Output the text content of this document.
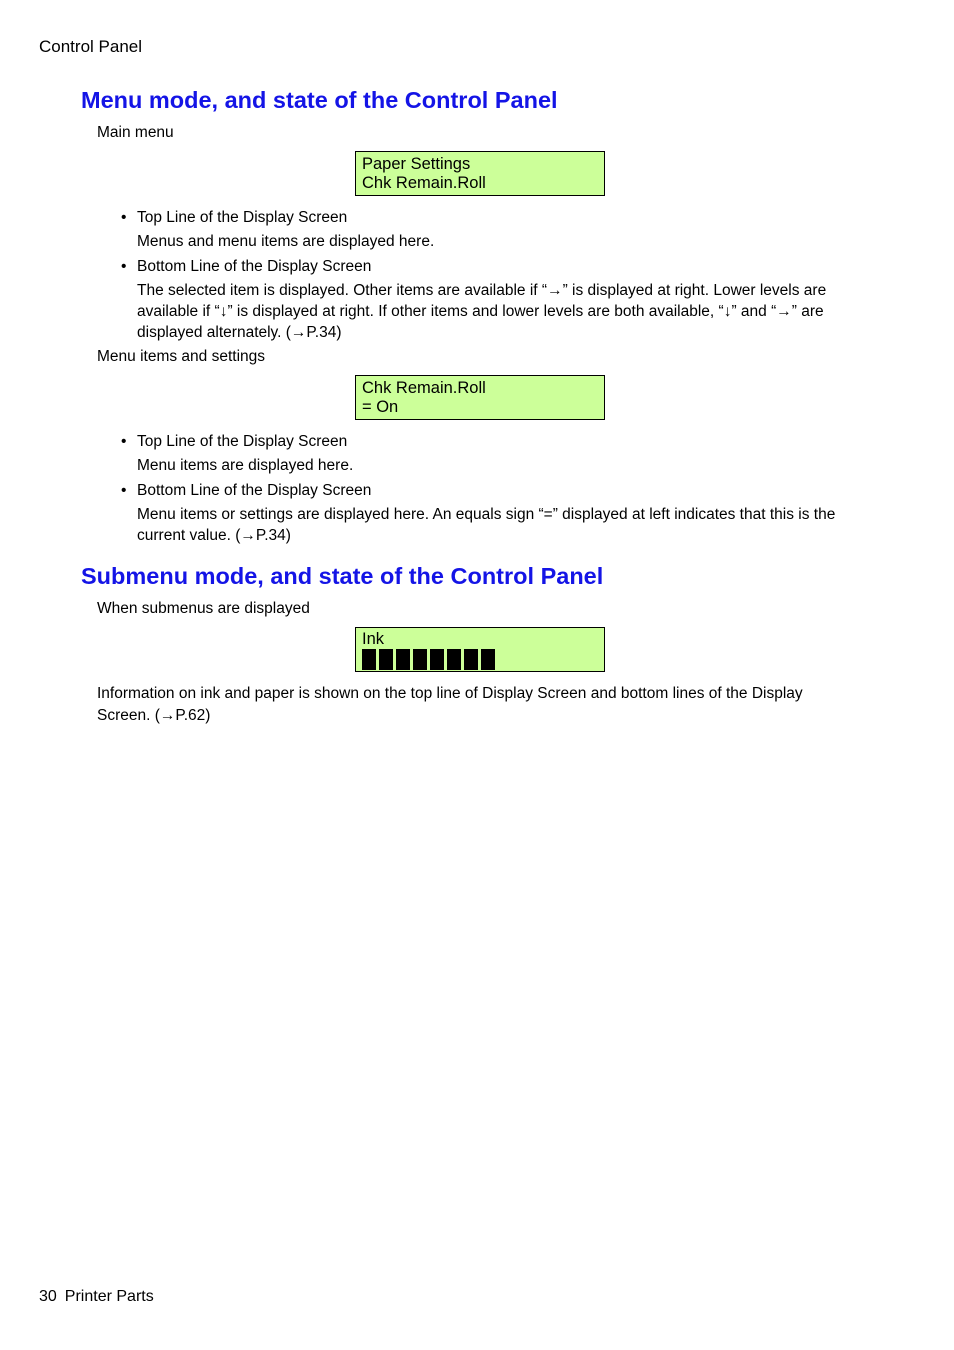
Control Panel
Menu mode, and state of the Control Panel
Main menu
Paper Settings
Chk Remain.Roll
• Top Line of the Display Screen
Menus and menu items are displayed here.
• Bottom Line of the Display Screen
The selected item is displayed. Other items are available if “→” is displayed at right. Lower levels are available if “↓” is displayed at right. If other items and lower levels are both available, “↓” and “→” are displayed alternately. (→P.34)
Menu items and settings
Chk Remain.Roll
= On
• Top Line of the Display Screen
Menu items are displayed here.
• Bottom Line of the Display Screen
Menu items or settings are displayed here. An equals sign “=” displayed at left indicates that this is the current value. (→P.34)
Submenu mode, and state of the Control Panel
When submenus are displayed
Ink
Information on ink and paper is shown on the top line of Display Screen and bottom lines of the Display Screen. (→P.62)
30 Printer Parts
